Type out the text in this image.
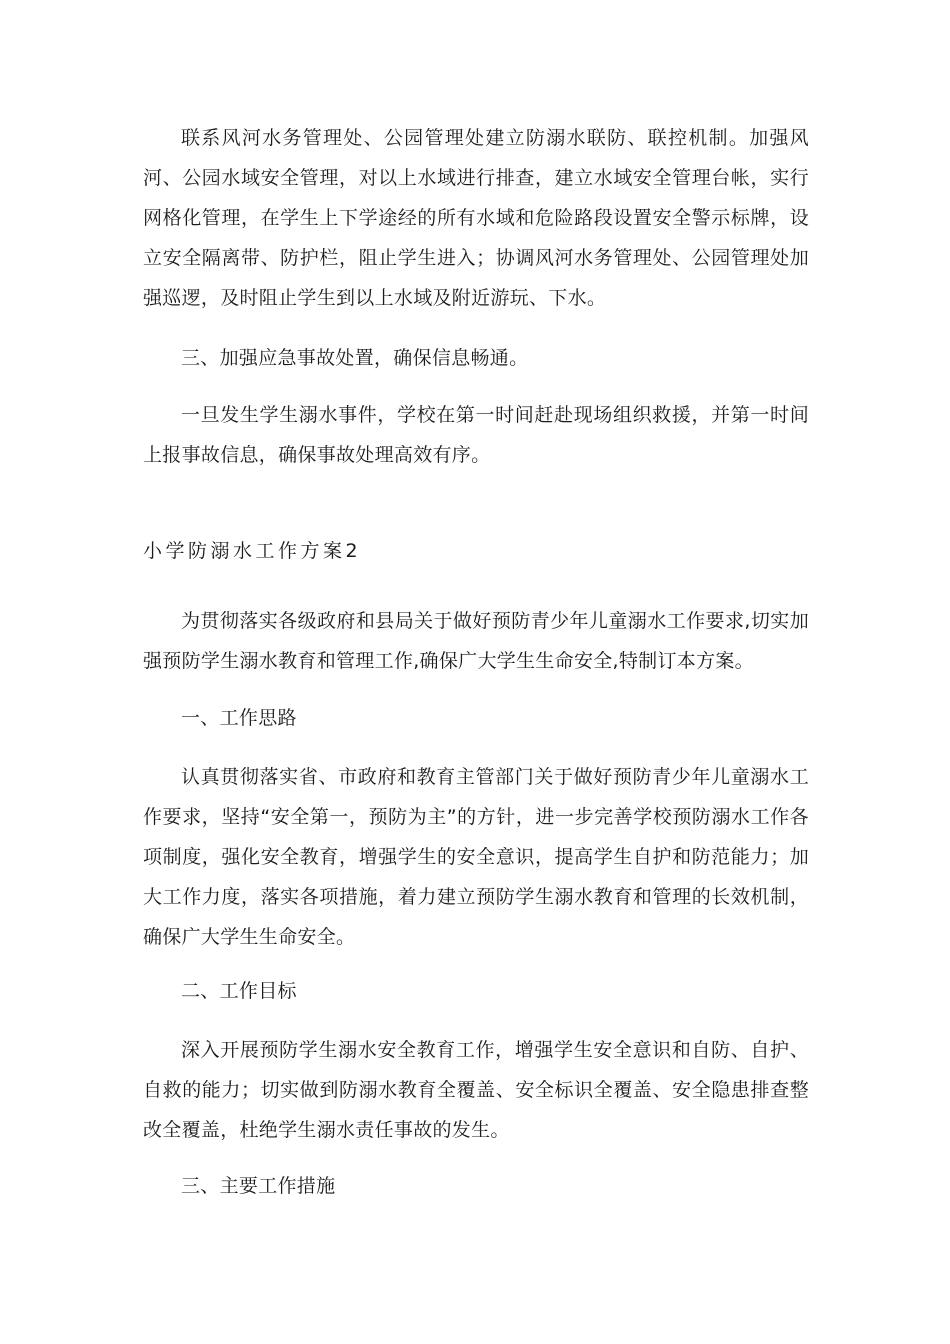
联系风河水务管理处、公园管理处建立防溺水联防、联控机制。加强风河、公园水域安全管理，对以上水域进行排查，建立水域安全管理台帐，实行网格化管理，在学生上下学途经的所有水域和危险路段设置安全警示标牌，设立安全隔离带、防护栏，阻止学生进入；协调风河水务管理处、公园管理处加强巡逻，及时阻止学生到以上水域及附近游玩、下水。

三、加强应急事故处置，确保信息畅通。

一旦发生学生溺水事件，学校在第一时间赶赴现场组织救援，并第一时间上报事故信息，确保事故处理高效有序。

小学防溺水工作方案2

为贯彻落实各级政府和县局关于做好预防青少年儿童溺水工作要求,切实加强预防学生溺水教育和管理工作,确保广大学生生命安全,特制订本方案。

一、工作思路

认真贯彻落实省、市政府和教育主管部门关于做好预防青少年儿童溺水工作要求，坚持“安全第一，预防为主”的方针，进一步完善学校预防溺水工作各项制度，强化安全教育，增强学生的安全意识，提高学生自护和防范能力；加大工作力度，落实各项措施，着力建立预防学生溺水教育和管理的长效机制，确保广大学生生命安全。

二、工作目标

深入开展预防学生溺水安全教育工作，增强学生安全意识和自防、自护、自救的能力；切实做到防溺水教育全覆盖、安全标识全覆盖、安全隐患排查整改全覆盖，杜绝学生溺水责任事故的发生。

三、主要工作措施
